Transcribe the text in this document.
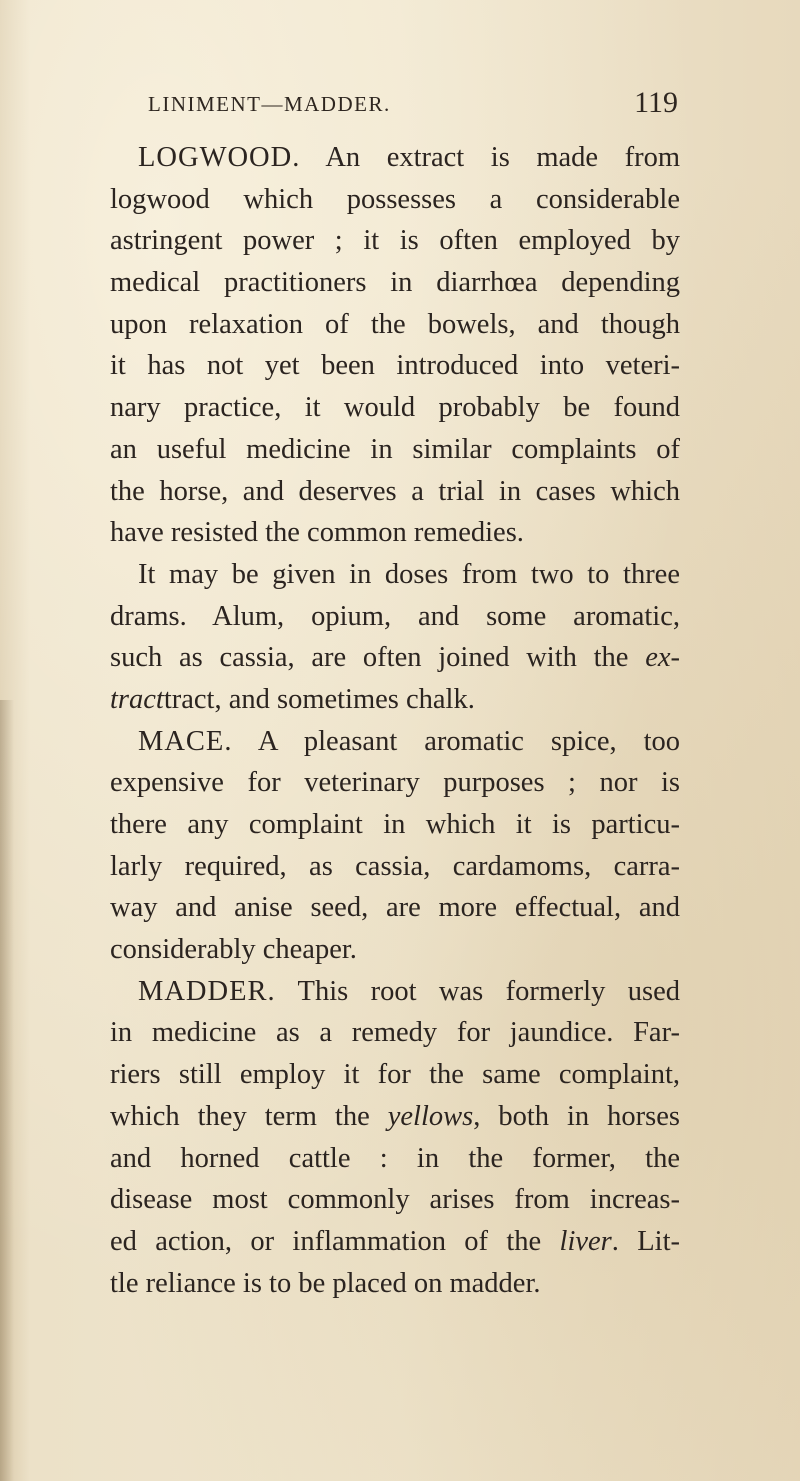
LINIMENT—MADDER.	119
LOGWOOD. An extract is made from
logwood which possesses a considerable
astringent power ; it is often employed by
medical practitioners in diarrhœa depending
upon relaxation of the bowels, and though
it has not yet been introduced into veteri-
nary practice, it would probably be found
an useful medicine in similar complaints of
the horse, and deserves a trial in cases which
have resisted the common remedies.
It may be given in doses from two to three
drams. Alum, opium, and some aromatic,
such as cassia, are often joined with the ex-
tracttract, and sometimes chalk.
MACE. A pleasant aromatic spice, too
expensive for veterinary purposes ; nor is
there any complaint in which it is particu-
larly required, as cassia, cardamoms, carra-
way and anise seed, are more effectual, and
considerably cheaper.
MADDER. This root was formerly used
in medicine as a remedy for jaundice. Far-
riers still employ it for the same complaint,
which they term the yellows, both in horses
and horned cattle : in the former, the
disease most commonly arises from increas-
ed action, or inflammation of the liver. Lit-
tle reliance is to be placed on madder.
